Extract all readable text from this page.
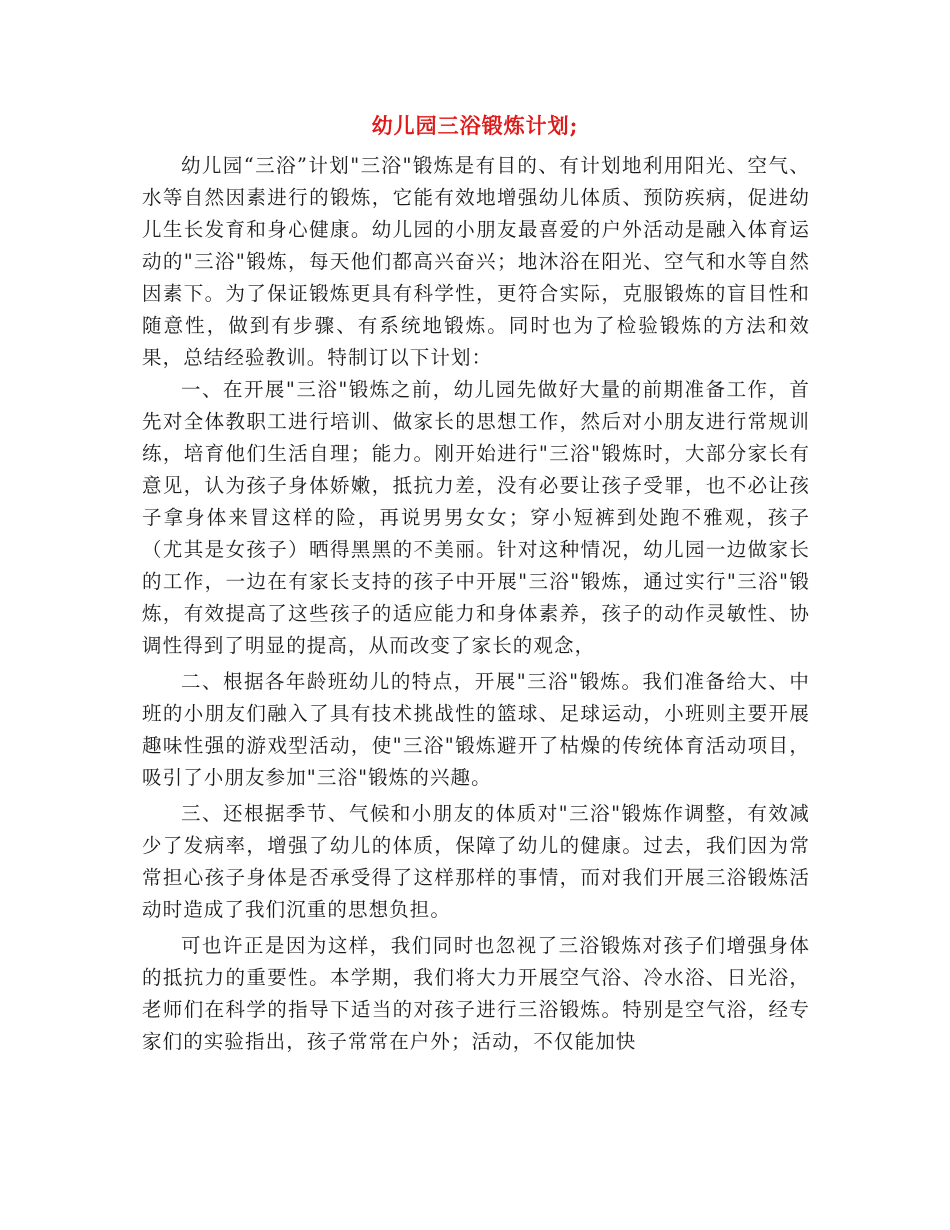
幼儿园三浴锻炼计划;

幼儿园“三浴”计划"三浴"锻炼是有目的、有计划地利用阳光、空气、水等自然因素进行的锻炼，它能有效地增强幼儿体质、预防疾病，促进幼儿生长发育和身心健康。幼儿园的小朋友最喜爱的户外活动是融入体育运动的"三浴"锻炼，每天他们都高兴奋兴；地沐浴在阳光、空气和水等自然因素下。为了保证锻炼更具有科学性，更符合实际，克服锻炼的盲目性和随意性，做到有步骤、有系统地锻炼。同时也为了检验锻炼的方法和效果，总结经验教训。特制订以下计划：

一、在开展"三浴"锻炼之前，幼儿园先做好大量的前期准备工作，首先对全体教职工进行培训、做家长的思想工作，然后对小朋友进行常规训练，培育他们生活自理；能力。刚开始进行"三浴"锻炼时，大部分家长有意见，认为孩子身体娇嫩，抵抗力差，没有必要让孩子受罪，也不必让孩子拿身体来冒这样的险，再说男男女女；穿小短裤到处跑不雅观，孩子（尤其是女孩子）晒得黑黑的不美丽。针对这种情况，幼儿园一边做家长的工作，一边在有家长支持的孩子中开展"三浴"锻炼，通过实行"三浴"锻炼，有效提高了这些孩子的适应能力和身体素养，孩子的动作灵敏性、协调性得到了明显的提高，从而改变了家长的观念，

二、根据各年龄班幼儿的特点，开展"三浴"锻炼。我们准备给大、中班的小朋友们融入了具有技术挑战性的篮球、足球运动，小班则主要开展趣味性强的游戏型活动，使"三浴"锻炼避开了枯燥的传统体育活动项目，吸引了小朋友参加"三浴"锻炼的兴趣。

三、还根据季节、气候和小朋友的体质对"三浴"锻炼作调整，有效减少了发病率，增强了幼儿的体质，保障了幼儿的健康。过去，我们因为常常担心孩子身体是否承受得了这样那样的事情，而对我们开展三浴锻炼活动时造成了我们沉重的思想负担。

可也许正是因为这样，我们同时也忽视了三浴锻炼对孩子们增强身体的抵抗力的重要性。本学期，我们将大力开展空气浴、冷水浴、日光浴，老师们在科学的指导下适当的对孩子进行三浴锻炼。特别是空气浴，经专家们的实验指出，孩子常常在户外；活动，不仅能加快
